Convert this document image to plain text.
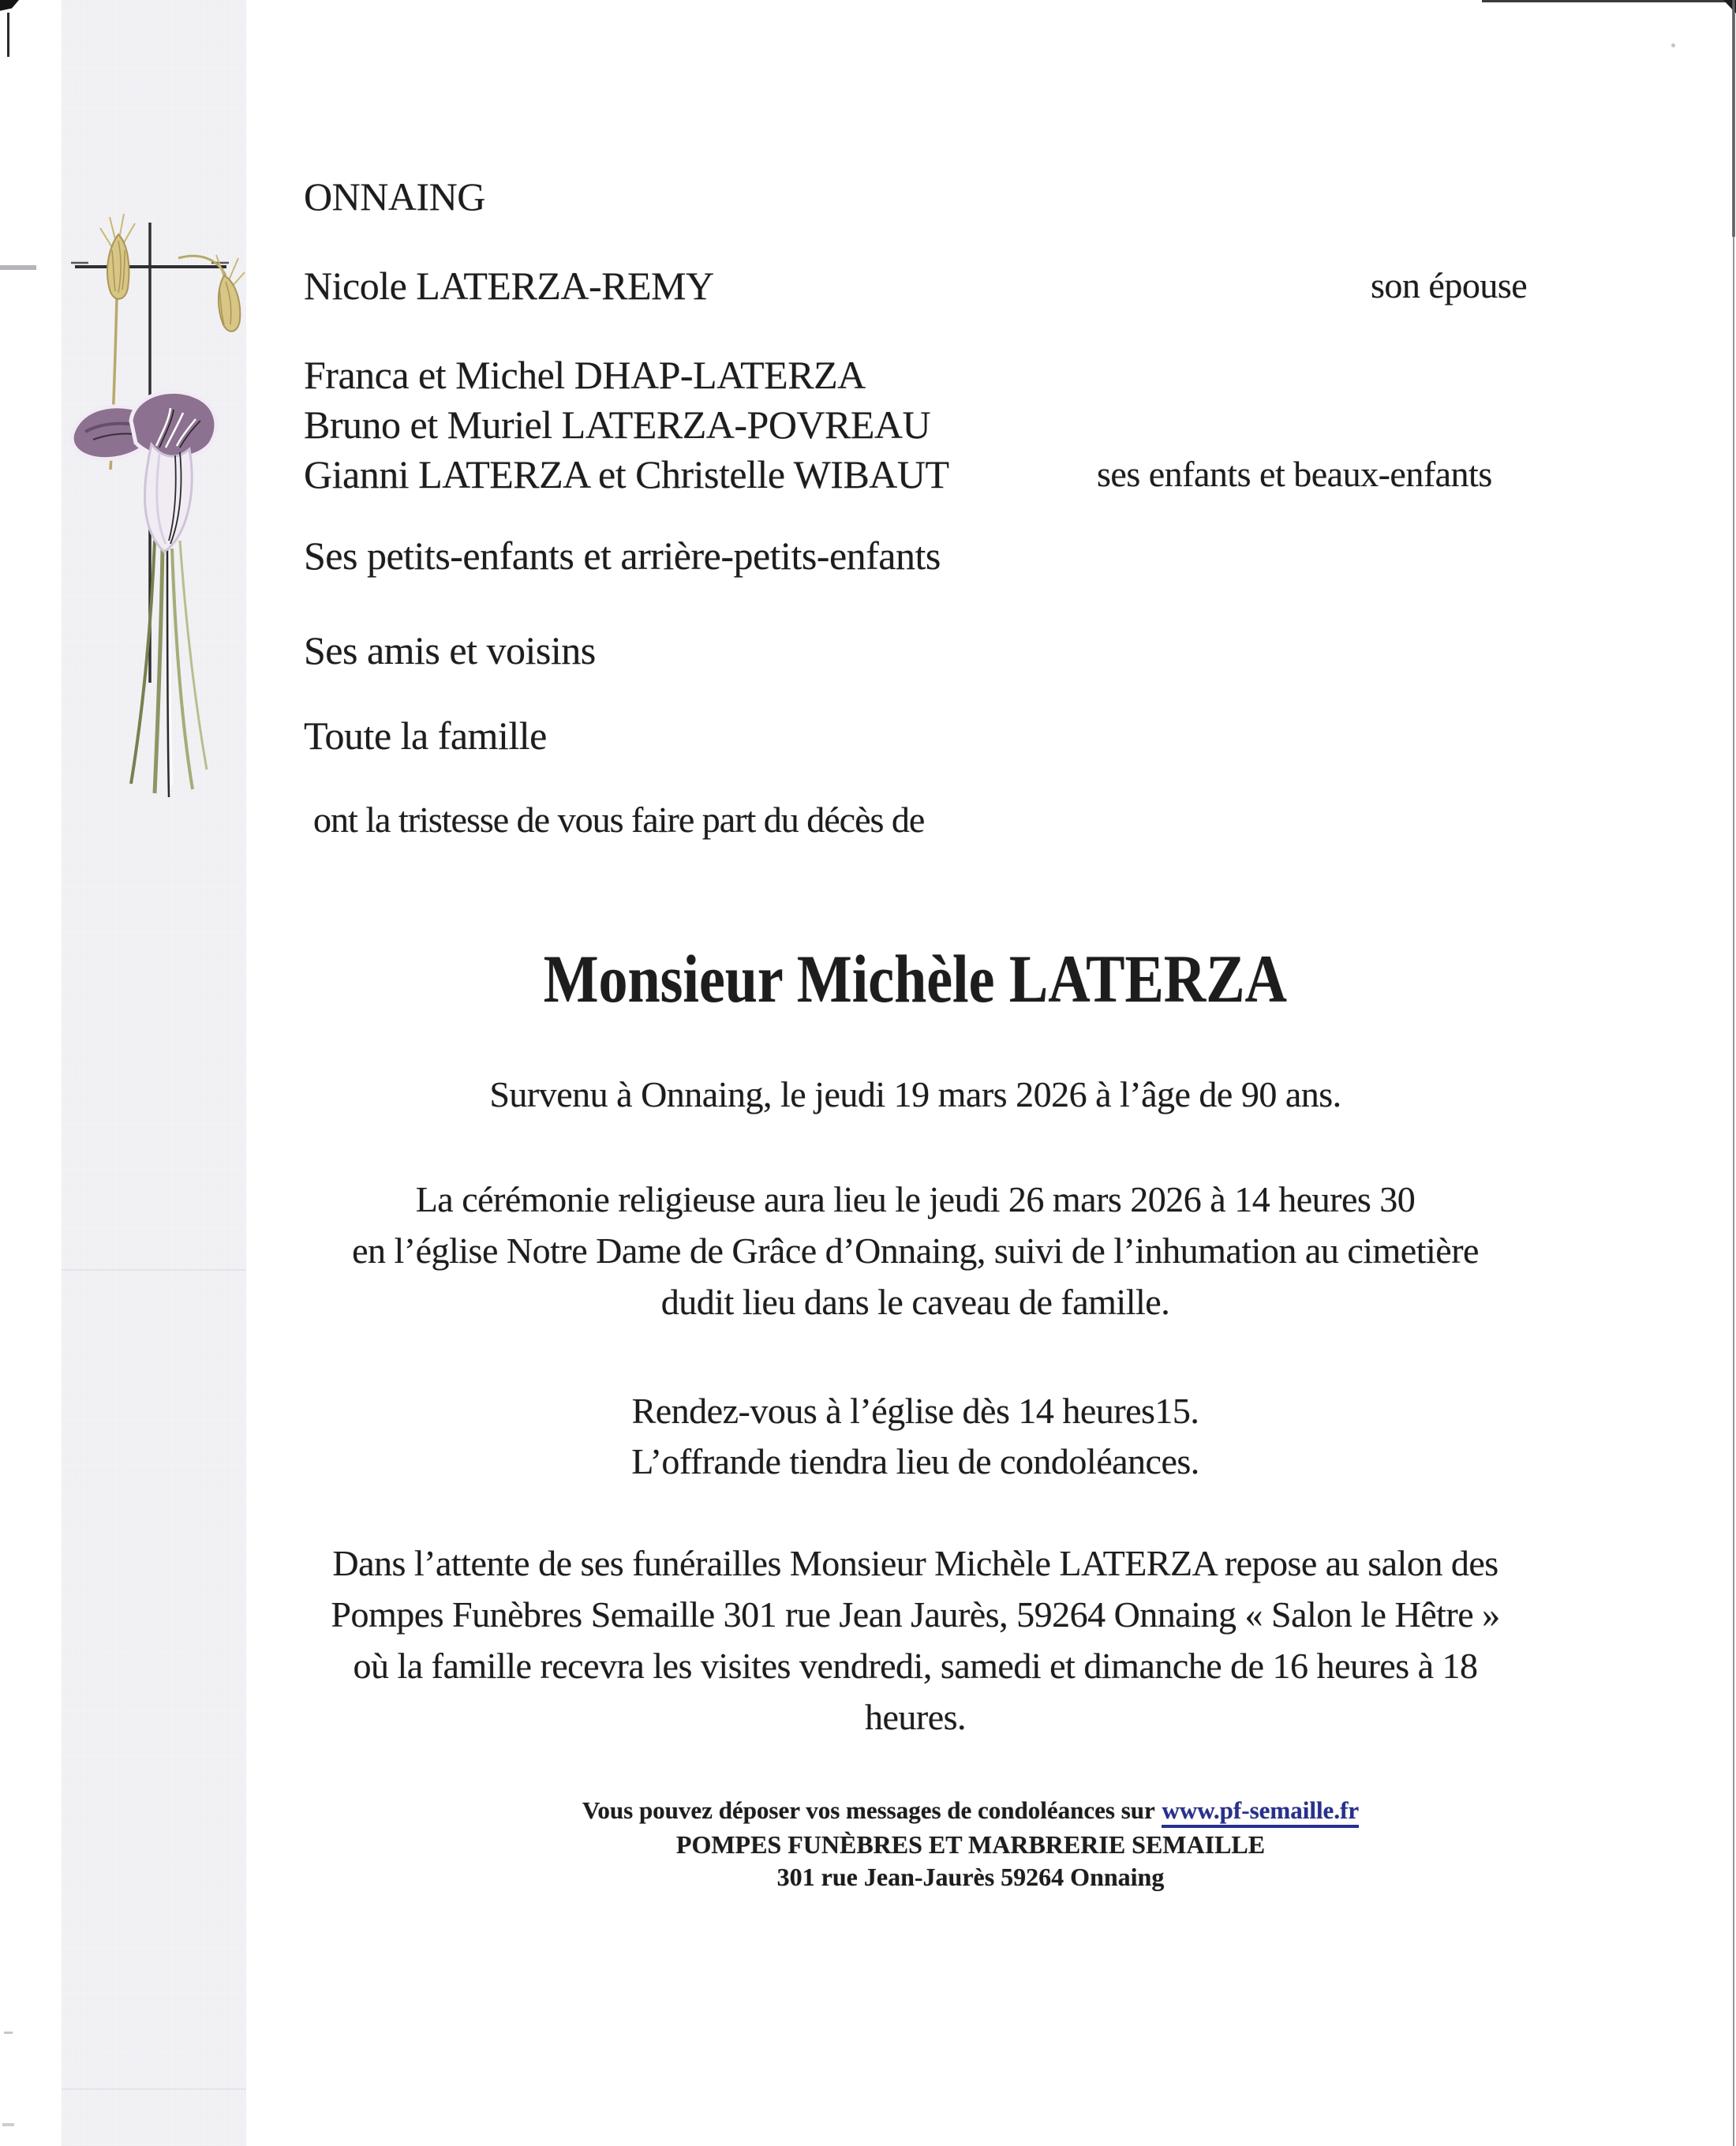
ONNAING
Nicole LATERZA-REMY	son épouse
Franca et Michel DHAP-LATERZA
Bruno et Muriel LATERZA-POVREAU
Gianni LATERZA et Christelle WIBAUT	ses enfants et beaux-enfants
Ses petits-enfants et arrière-petits-enfants
Ses amis et voisins
Toute la famille
ont la tristesse de vous faire part du décès de
Monsieur Michèle LATERZA
Survenu à Onnaing, le jeudi 19 mars 2026 à l’âge de 90 ans.
La cérémonie religieuse aura lieu le jeudi 26 mars 2026 à 14 heures 30
en l’église Notre Dame de Grâce d’Onnaing, suivi de l’inhumation au cimetière
dudit lieu dans le caveau de famille.
Rendez-vous à l’église dès 14 heures15.
L’offrande tiendra lieu de condoléances.
Dans l’attente de ses funérailles Monsieur Michèle LATERZA repose au salon des
Pompes Funèbres Semaille 301 rue Jean Jaurès, 59264 Onnaing « Salon le Hêtre »
où la famille recevra les visites vendredi, samedi et dimanche de 16 heures à 18
heures.
Vous pouvez déposer vos messages de condoléances sur www.pf-semaille.fr
POMPES FUNÈBRES ET MARBRERIE SEMAILLE
301 rue Jean-Jaurès 59264 Onnaing
